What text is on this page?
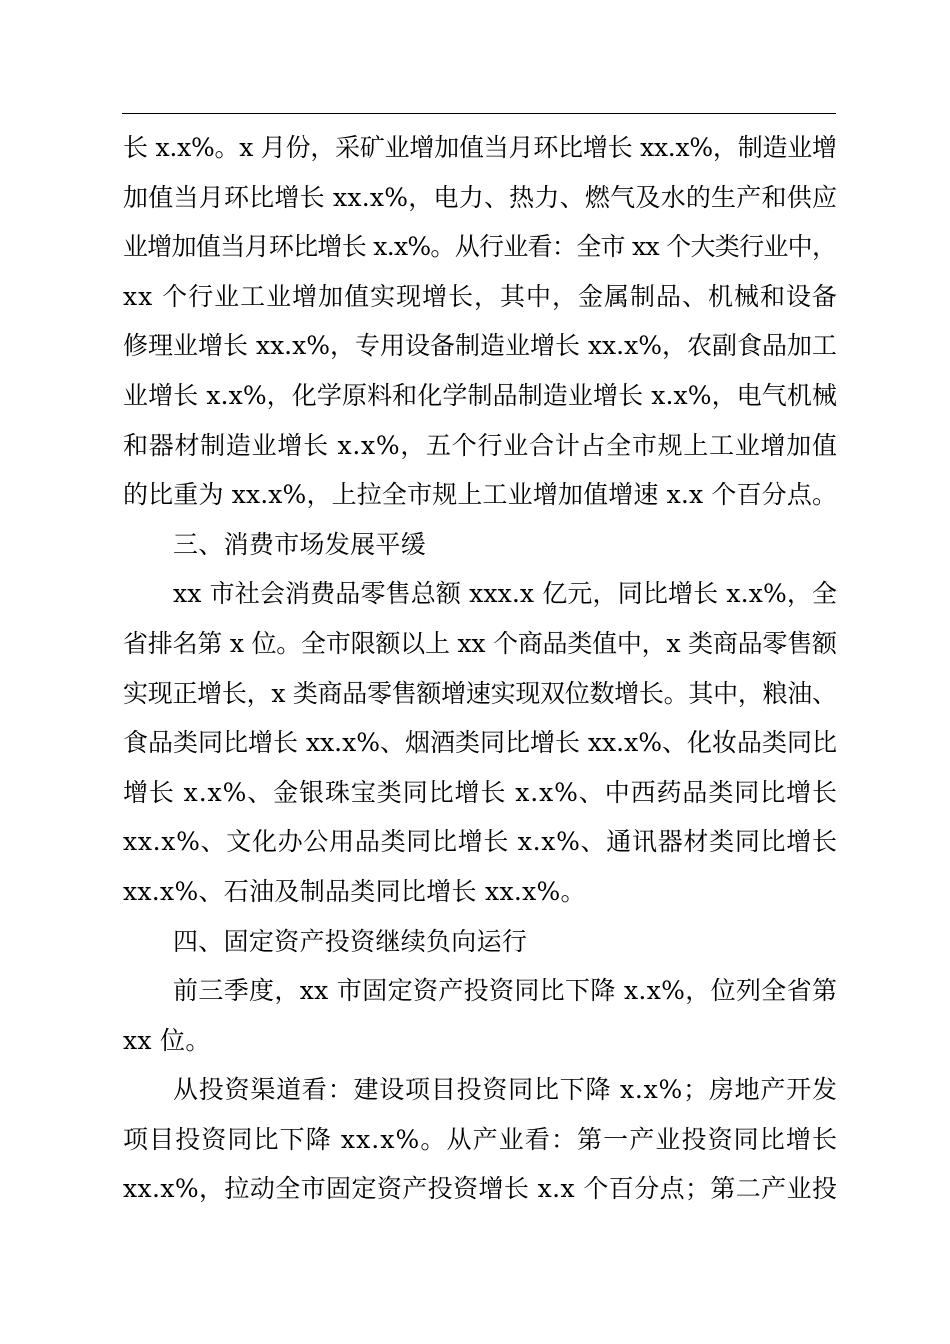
长 x.x%。x 月份，采矿业增加值当月环比增长 xx.x%，制造业增
加值当月环比增长 xx.x%，电力、热力、燃气及水的生产和供应
业增加值当月环比增长 x.x%。从行业看：全市 xx 个大类行业中，
xx 个行业工业增加值实现增长，其中，金属制品、机械和设备
修理业增长 xx.x%，专用设备制造业增长 xx.x%，农副食品加工
业增长 x.x%，化学原料和化学制品制造业增长 x.x%，电气机械
和器材制造业增长 x.x%，五个行业合计占全市规上工业增加值
的比重为 xx.x%，上拉全市规上工业增加值增速 x.x 个百分点。
三、消费市场发展平缓
xx 市社会消费品零售总额 xxx.x 亿元，同比增长 x.x%，全
省排名第 x 位。全市限额以上 xx 个商品类值中，x 类商品零售额
实现正增长，x 类商品零售额增速实现双位数增长。其中，粮油、
食品类同比增长 xx.x%、烟酒类同比增长 xx.x%、化妆品类同比
增长 x.x%、金银珠宝类同比增长 x.x%、中西药品类同比增长
xx.x%、文化办公用品类同比增长 x.x%、通讯器材类同比增长
xx.x%、石油及制品类同比增长 xx.x%。
四、固定资产投资继续负向运行
前三季度，xx 市固定资产投资同比下降 x.x%，位列全省第
xx 位。
从投资渠道看：建设项目投资同比下降 x.x%；房地产开发
项目投资同比下降 xx.x%。从产业看：第一产业投资同比增长
xx.x%，拉动全市固定资产投资增长 x.x 个百分点；第二产业投
